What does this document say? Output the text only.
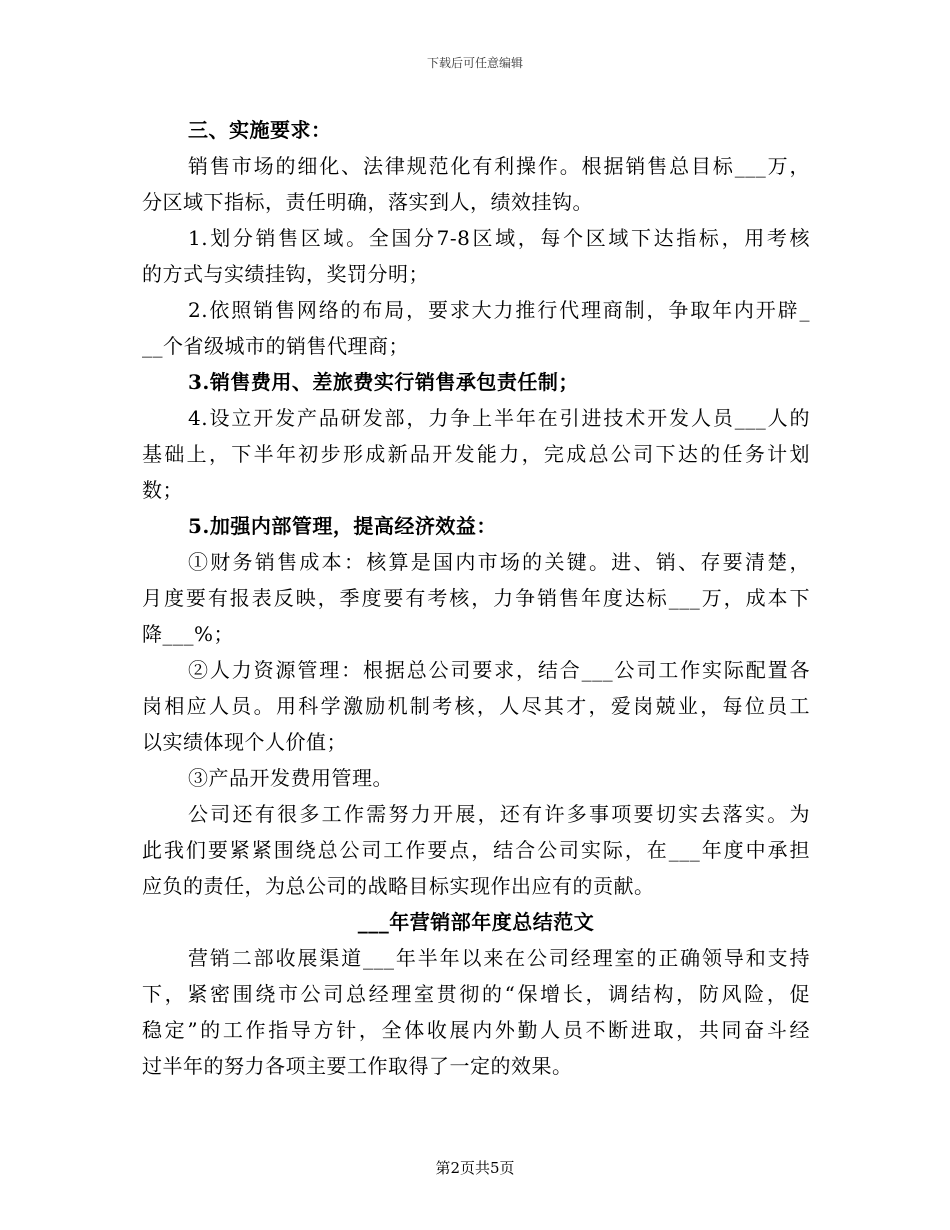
下载后可任意编辑
三、实施要求：
销售市场的细化、法律规范化有利操作。根据销售总目标___万，
分区域下指标，责任明确，落实到人，绩效挂钩。
1.划分销售区域。全国分7-8区域，每个区域下达指标，用考核
的方式与实绩挂钩，奖罚分明；
2.依照销售网络的布局，要求大力推行代理商制，争取年内开辟_
__个省级城市的销售代理商；
3.销售费用、差旅费实行销售承包责任制；
4.设立开发产品研发部，力争上半年在引进技术开发人员___人的
基础上，下半年初步形成新品开发能力，完成总公司下达的任务计划
数；
5.加强内部管理，提高经济效益：
①财务销售成本：核算是国内市场的关键。进、销、存要清楚，
月度要有报表反映，季度要有考核，力争销售年度达标___万，成本下
降___%；
②人力资源管理：根据总公司要求，结合___公司工作实际配置各
岗相应人员。用科学激励机制考核，人尽其才，爱岗兢业，每位员工
以实绩体现个人价值；
③产品开发费用管理。
公司还有很多工作需努力开展，还有许多事项要切实去落实。为
此我们要紧紧围绕总公司工作要点，结合公司实际，在___年度中承担
应负的责任，为总公司的战略目标实现作出应有的贡献。
___年营销部年度总结范文
营销二部收展渠道___年半年以来在公司经理室的正确领导和支持
下，紧密围绕市公司总经理室贯彻的“保增长，调结构，防风险，促
稳定”的工作指导方针，全体收展内外勤人员不断进取，共同奋斗经
过半年的努力各项主要工作取得了一定的效果。
第2页共5页
